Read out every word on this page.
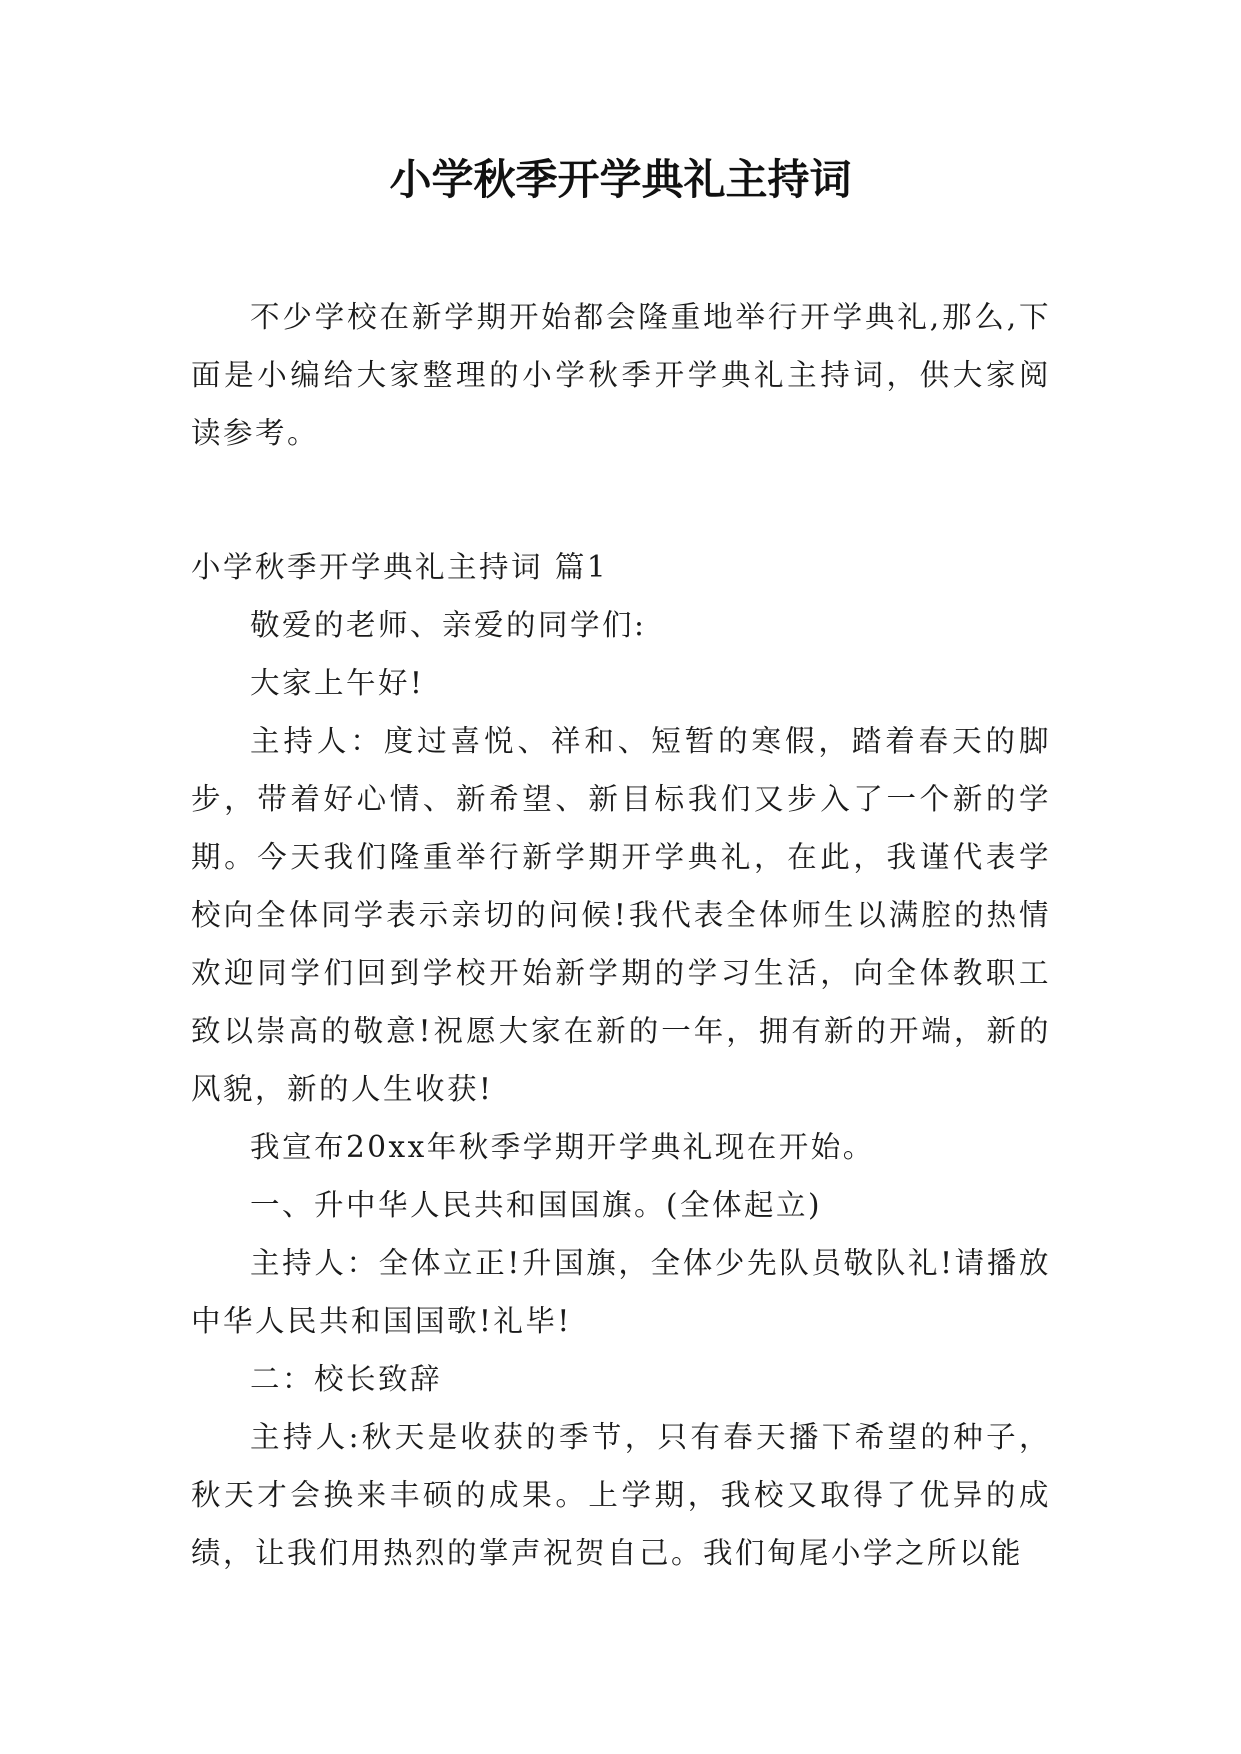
小学秋季开学典礼主持词

不少学校在新学期开始都会隆重地举行开学典礼,那么,下面是小编给大家整理的小学秋季开学典礼主持词，供大家阅读参考。

小学秋季开学典礼主持词 篇1

敬爱的老师、亲爱的同学们:

大家上午好!

主持人：度过喜悦、祥和、短暂的寒假，踏着春天的脚步，带着好心情、新希望、新目标我们又步入了一个新的学期。今天我们隆重举行新学期开学典礼，在此，我谨代表学校向全体同学表示亲切的问候!我代表全体师生以满腔的热情欢迎同学们回到学校开始新学期的学习生活，向全体教职工致以崇高的敬意!祝愿大家在新的一年，拥有新的开端，新的风貌，新的人生收获!

我宣布20xx年秋季学期开学典礼现在开始。

一、升中华人民共和国国旗。(全体起立)

主持人：全体立正!升国旗，全体少先队员敬队礼!请播放中华人民共和国国歌!礼毕!

二：校长致辞

主持人:秋天是收获的季节，只有春天播下希望的种子，秋天才会换来丰硕的成果。上学期，我校又取得了优异的成绩，让我们用热烈的掌声祝贺自己。我们甸尾小学之所以能
